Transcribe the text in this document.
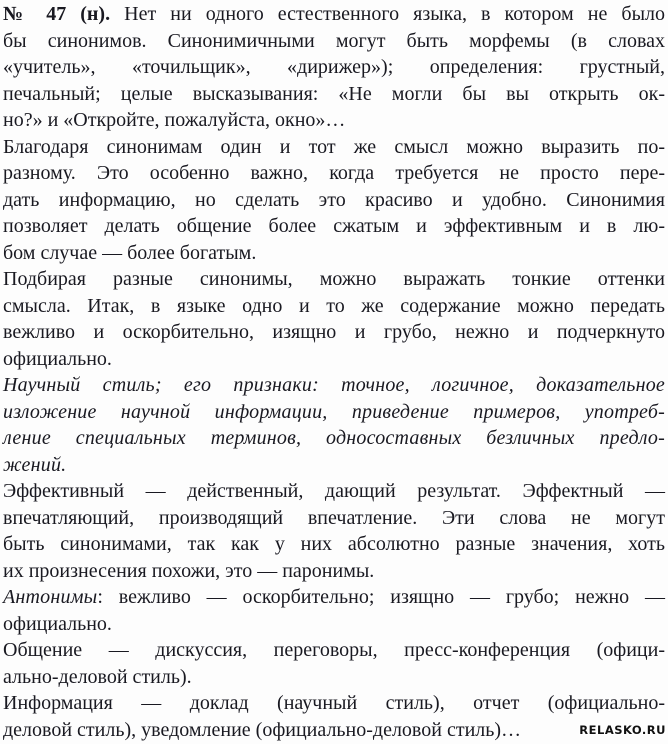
№ 47 (н). Нет ни одного естественного языка, в котором не было
бы синонимов. Синонимичными могут быть морфемы (в словах
«учитель», «точильщик», «дирижер»); определения: грустный,
печальный; целые высказывания: «Не могли бы вы открыть ок-
но?» и «Откройте, пожалуйста, окно»…
Благодаря синонимам один и тот же смысл можно выразить по-
разному. Это особенно важно, когда требуется не просто пере-
дать информацию, но сделать это красиво и удобно. Синонимия
позволяет делать общение более сжатым и эффективным и в лю-
бом случае — более богатым.
Подбирая разные синонимы, можно выражать тонкие оттенки
смысла. Итак, в языке одно и то же содержание можно передать
вежливо и оскорбительно, изящно и грубо, нежно и подчеркнуто
официально.
Научный стиль; его признаки: точное, логичное, доказательное
изложение научной информации, приведение примеров, употреб-
ление специальных терминов, односоставных безличных предло-
жений.
Эффективный — действенный, дающий результат. Эффектный —
впечатляющий, производящий впечатление. Эти слова не могут
быть синонимами, так как у них абсолютно разные значения, хоть
их произнесения похожи, это — паронимы.
Антонимы: вежливо — оскорбительно; изящно — грубо; нежно —
официально.
Общение — дискуссия, переговоры, пресс-конференция (офици-
ально-деловой стиль).
Информация — доклад (научный стиль), отчет (официально-
деловой стиль), уведомление (официально-деловой стиль)…	RELASKO.RU
